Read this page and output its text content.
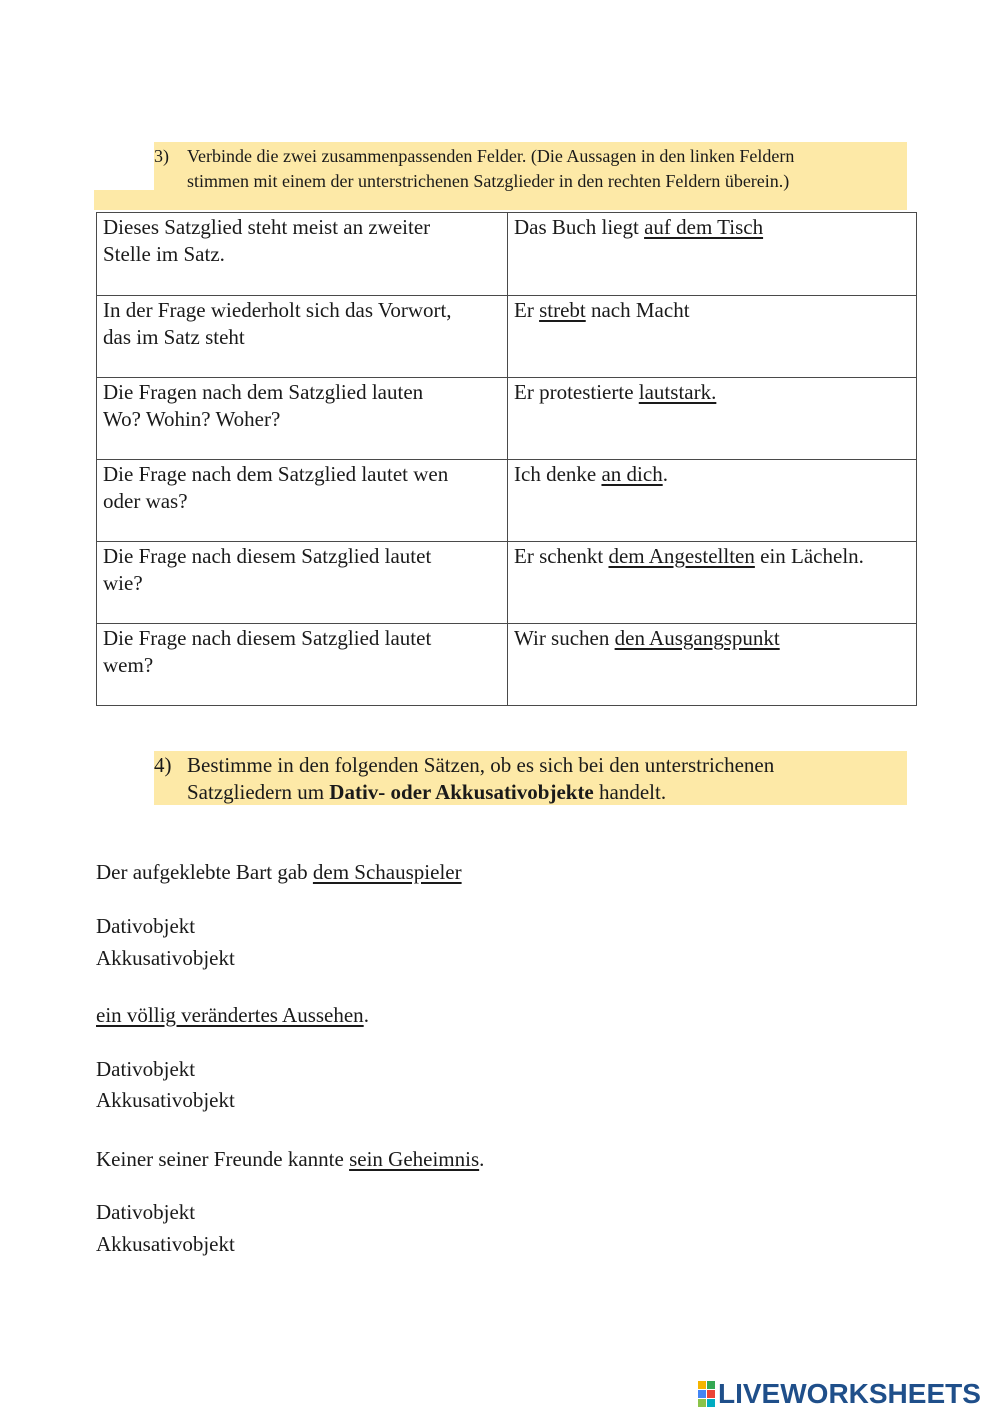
3) Verbinde die zwei zusammenpassenden Felder. (Die Aussagen in den linken Feldern
stimmen mit einem der unterstrichenen Satzglieder in den rechten Feldern überein.)
Dieses Satzglied steht meist an zweiter
Stelle im Satz.	Das Buch liegt auf dem Tisch

In der Frage wiederholt sich das Vorwort,
das im Satz steht	Er strebt nach Macht

Die Fragen nach dem Satzglied lauten
Wo? Wohin? Woher?	Er protestierte lautstark.

Die Frage nach dem Satzglied lautet wen
oder was?	Ich denke an dich.

Die Frage nach diesem Satzglied lautet
wie?	Er schenkt dem Angestellten ein Lächeln.

Die Frage nach diesem Satzglied lautet
wem?	Wir suchen den Ausgangspunkt
4) Bestimme in den folgenden Sätzen, ob es sich bei den unterstrichenen
Satzgliedern um Dativ- oder Akkusativobjekte handelt.
Der aufgeklebte Bart gab dem Schauspieler
Dativobjekt
Akkusativobjekt
ein völlig verändertes Aussehen.
Dativobjekt
Akkusativobjekt
Keiner seiner Freunde kannte sein Geheimnis.
Dativobjekt
Akkusativobjekt
LIVEWORKSHEETS
